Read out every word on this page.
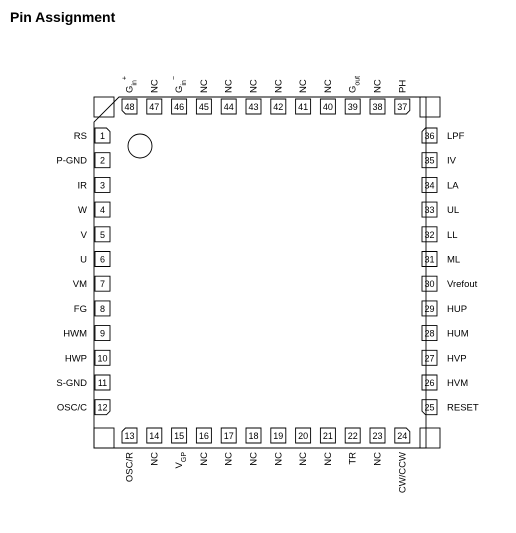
Pin Assignment
1
RS
2
P-GND
3
IR
4
W
5
V
6
U
7
VM
8
FG
9
HWM
10
HWP
11
S-GND
12
OSC/C	25 RESET
26 HVM
27 HVP
28 HUM
29 HUP
30 Vrefout
31 ML
32 LL
33 UL
34 LA
35 IV
36 LPF
13
OSC/R
14
NC
15
$V_{GP}$
16
NC
17
NC
18
NC
19
NC
20
NC
21
NC
22
TR
23
NC
24
CW/CCW
37
PH
38
NC
39
$G_{out}$
40
NC
41
NC
42
NC
43
NC
44
NC
45
NC
46
$G_{in}^-$
47
NC
48
$G_{in}^+$
